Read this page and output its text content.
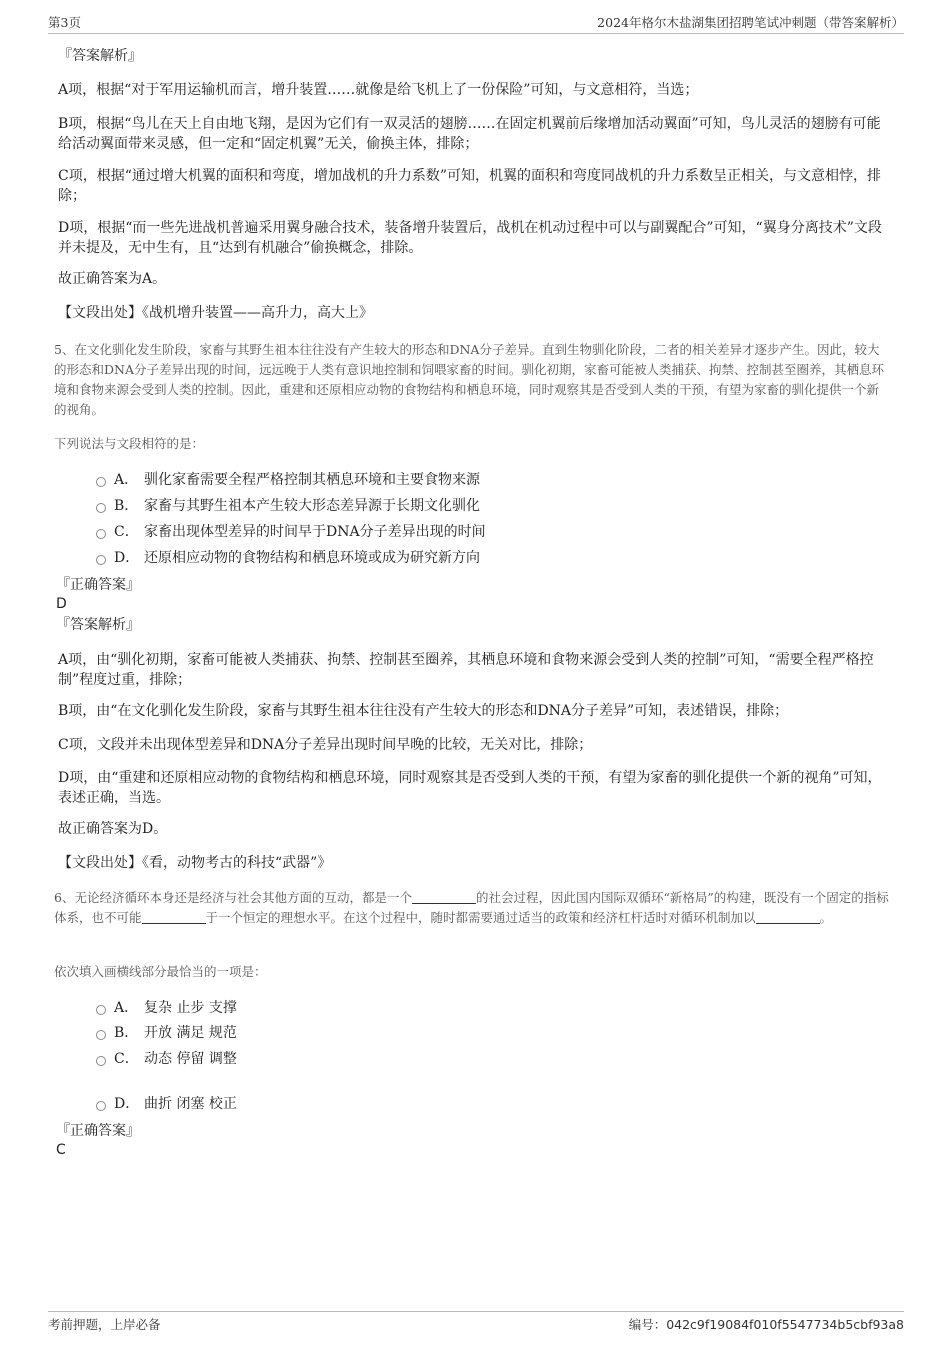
第3页	2024年格尔木盐湖集团招聘笔试冲刺题（带答案解析）
『答案解析』
A项，根据“对于军用运输机而言，增升装置……就像是给飞机上了一份保险”可知，与文意相符，当选；
B项，根据“鸟儿在天上自由地飞翔，是因为它们有一双灵活的翅膀……在固定机翼前后缘增加活动翼面”可知，鸟儿灵活的翅膀有可能给活动翼面带来灵感，但一定和“固定机翼”无关，偷换主体，排除；
C项，根据“通过增大机翼的面积和弯度，增加战机的升力系数”可知，机翼的面积和弯度同战机的升力系数呈正相关，与文意相悖，排除；
D项，根据“而一些先进战机普遍采用翼身融合技术，装备增升装置后，战机在机动过程中可以与副翼配合”可知，“翼身分离技术”文段并未提及，无中生有，且“达到有机融合”偷换概念，排除。
故正确答案为A。
【文段出处】《战机增升装置——高升力，高大上》
5、在文化驯化发生阶段，家畜与其野生祖本往往没有产生较大的形态和DNA分子差异。直到生物驯化阶段，二者的相关差异才逐步产生。因此，较大的形态和DNA分子差异出现的时间，远远晚于人类有意识地控制和饲喂家畜的时间。驯化初期，家畜可能被人类捕获、拘禁、控制甚至圈养，其栖息环境和食物来源会受到人类的控制。因此，重建和还原相应动物的食物结构和栖息环境，同时观察其是否受到人类的干预，有望为家畜的驯化提供一个新的视角。
下列说法与文段相符的是：
A． 驯化家畜需要全程严格控制其栖息环境和主要食物来源
B． 家畜与其野生祖本产生较大形态差异源于长期文化驯化
C． 家畜出现体型差异的时间早于DNA分子差异出现的时间
D． 还原相应动物的食物结构和栖息环境或成为研究新方向
『正确答案』
D
『答案解析』
A项，由“驯化初期，家畜可能被人类捕获、拘禁、控制甚至圈养，其栖息环境和食物来源会受到人类的控制”可知，“需要全程严格控制”程度过重，排除；
B项，由“在文化驯化发生阶段，家畜与其野生祖本往往没有产生较大的形态和DNA分子差异”可知，表述错误，排除；
C项，文段并未出现体型差异和DNA分子差异出现时间早晚的比较，无关对比，排除；
D项，由“重建和还原相应动物的食物结构和栖息环境，同时观察其是否受到人类的干预，有望为家畜的驯化提供一个新的视角”可知，表述正确，当选。
故正确答案为D。
【文段出处】《看，动物考古的科技“武器”》
6、无论经济循环本身还是经济与社会其他方面的互动，都是一个	的社会过程，因此国内国际双循环“新格局”的构建，既没有一个固定的指标体系，也不可能	于一个恒定的理想水平。在这个过程中，随时都需要通过适当的政策和经济杠杆适时对循环机制加以	。
依次填入画横线部分最恰当的一项是：
A． 复杂 止步 支撑
B． 开放 满足 规范
C． 动态 停留 调整
D． 曲折 闭塞 校正
『正确答案』
C
考前押题，上岸必备	编号：042c9f19084f010f5547734b5cbf93a8
